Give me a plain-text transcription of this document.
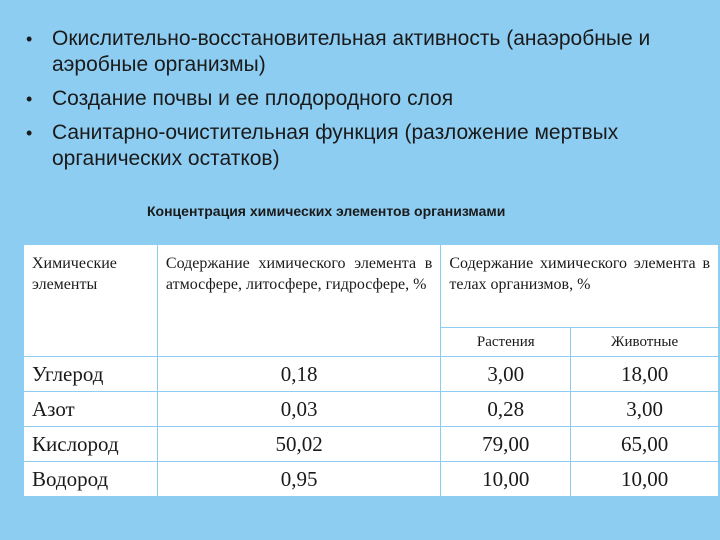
• Окислительно-восстановительная активность (анаэробные и аэробные организмы)
• Создание почвы и ее плодородного слоя
• Санитарно-очистительная функция (разложение мертвых органических остатков)
Концентрация химических элементов организмами
Химические элементы	Содержание химического элемента в атмосфере, литосфере, гидросфере, %	Содержание химического элемента в телах организмов, %	
		Растения	Животные
Углерод	0,18	3,00	18,00
Азот	0,03	0,28	3,00
Кислород	50,02	79,00	65,00
Водород	0,95	10,00	10,00
